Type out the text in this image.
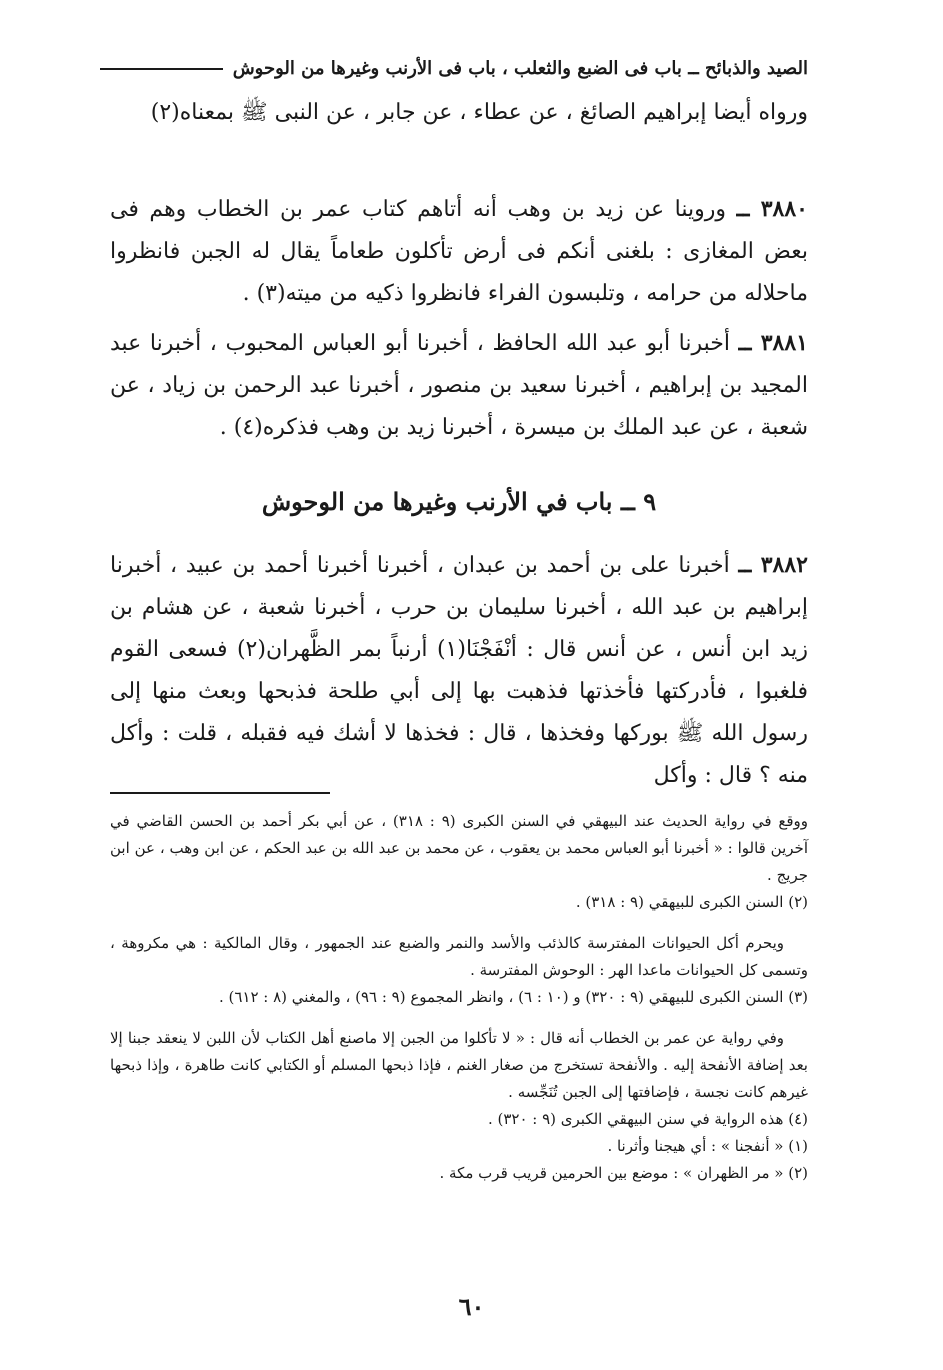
الصيد والذبائح ــ باب فى الضبع والثعلب ، باب فى الأرنب وغيرها من الوحوش

ورواه أيضا إبراهيم الصائغ ، عن عطاء ، عن جابر ، عن النبى ﷺ بمعناه(٢)

٣٨٨٠ ــ وروينا عن زيد بن وهب أنه أتاهم كتاب عمر بن الخطاب وهم فى بعض المغازى : بلغنى أنكم فى أرض تأكلون طعاماً يقال له الجبن فانظروا ماحلاله من حرامه ، وتلبسون الفراء فانظروا ذكيه من ميته(٣) .

٣٨٨١ ــ أخبرنا أبو عبد الله الحافظ ، أخبرنا أبو العباس المحبوب ، أخبرنا عبد المجيد بن إبراهيم ، أخبرنا سعيد بن منصور ، أخبرنا عبد الرحمن بن زياد ، عن شعبة ، عن عبد الملك بن ميسرة ، أخبرنا زيد بن وهب فذكره(٤) .

٩ ــ باب في الأرنب وغيرها من الوحوش

٣٨٨٢ ــ أخبرنا على بن أحمد بن عبدان ، أخبرنا أخبرنا أحمد بن عبيد ، أخبرنا إبراهيم بن عبد الله ، أخبرنا سليمان بن حرب ، أخبرنا شعبة ، عن هشام بن زيد ابن أنس ، عن أنس قال : أنْفَجْنَا(١) أرنباً بمر الظَّهران(٢) فسعى القوم فلغبوا ، فأدركتها فأخذتها فذهبت بها إلى أبي طلحة فذبحها وبعث منها إلى رسول الله ﷺ بوركها وفخذها ، قال : فخذها لا أشك فيه فقبله ، قلت : وأكل منه ؟ قال : وأكل

ووقع في رواية الحديث عند البيهقي في السنن الكبرى (٩ : ٣١٨) ، عن أبي بكر أحمد بن الحسن القاضي في آخرين قالوا : « أخبرنا أبو العباس محمد بن يعقوب ، عن محمد بن عبد الله بن عبد الحكم ، عن ابن وهب ، عن ابن جريج .

(٢) السنن الكبرى للبيهقي (٩ : ٣١٨) .

ويحرم أكل الحيوانات المفترسة كالذئب والأسد والنمر والضبع عند الجمهور ، وقال المالكية : هي مكروهة ، وتسمى كل الحيوانات ماعدا الهر : الوحوش المفترسة .

(٣) السنن الكبرى للبيهقي (٩ : ٣٢٠) و (١٠ : ٦) ، وانظر المجموع (٩ : ٩٦) ، والمغني (٨ : ٦١٢) .

وفي رواية عن عمر بن الخطاب أنه قال : « لا تأكلوا من الجبن إلا ماصنع أهل الكتاب لأن اللبن لا ينعقد جبنا إلا بعد إضافة الأنفحة إليه . والأنفحة تستخرج من صغار الغنم ، فإذا ذبحها المسلم أو الكتابي كانت طاهرة ، وإذا ذبحها غيرهم كانت نجسة ، فإضافتها إلى الجبن تُنَجِّسه .

(٤) هذه الرواية في سنن البيهقي الكبرى (٩ : ٣٢٠) .

(١) « أنفجنا » : أي هيجنا وأثرنا .

(٢) « مر الظهران » : موضع بين الحرمين قريب قرب مكة .

٦٠
